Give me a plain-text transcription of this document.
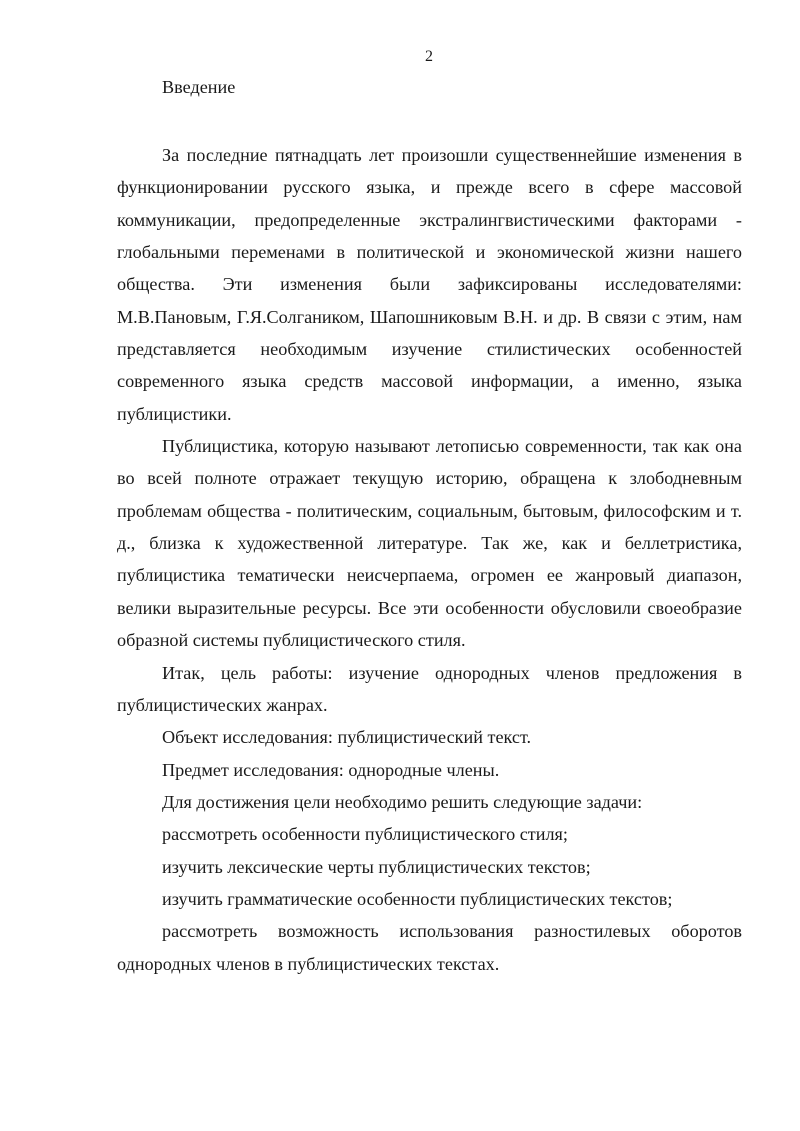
2

Введение

За последние пятнадцать лет произошли существеннейшие изменения в функционировании русского языка, и прежде всего в сфере массовой коммуникации, предопределенные экстралингвистическими факторами - глобальными переменами в политической и экономической жизни нашего общества. Эти изменения были зафиксированы исследователями: М.В.Пановым, Г.Я.Солгаником, Шапошниковым В.Н. и др. В связи с этим, нам представляется необходимым изучение стилистических особенностей современного языка средств массовой информации, а именно, языка публицистики.

Публицистика, которую называют летописью современности, так как она во всей полноте отражает текущую историю, обращена к злободневным проблемам общества - политическим, социальным, бытовым, философским и т. д., близка к художественной литературе. Так же, как и беллетристика, публицистика тематически неисчерпаема, огромен ее жанровый диапазон, велики выразительные ресурсы. Все эти особенности обусловили своеобразие образной системы публицистического стиля.

Итак, цель работы: изучение однородных членов предложения в публицистических жанрах.

Объект исследования: публицистический текст.

Предмет исследования: однородные члены.

Для достижения цели необходимо решить следующие задачи:

рассмотреть особенности публицистического стиля;

изучить лексические черты публицистических текстов;

изучить грамматические особенности публицистических текстов;

рассмотреть возможность использования разностилевых оборотов однородных членов в публицистических текстах.
